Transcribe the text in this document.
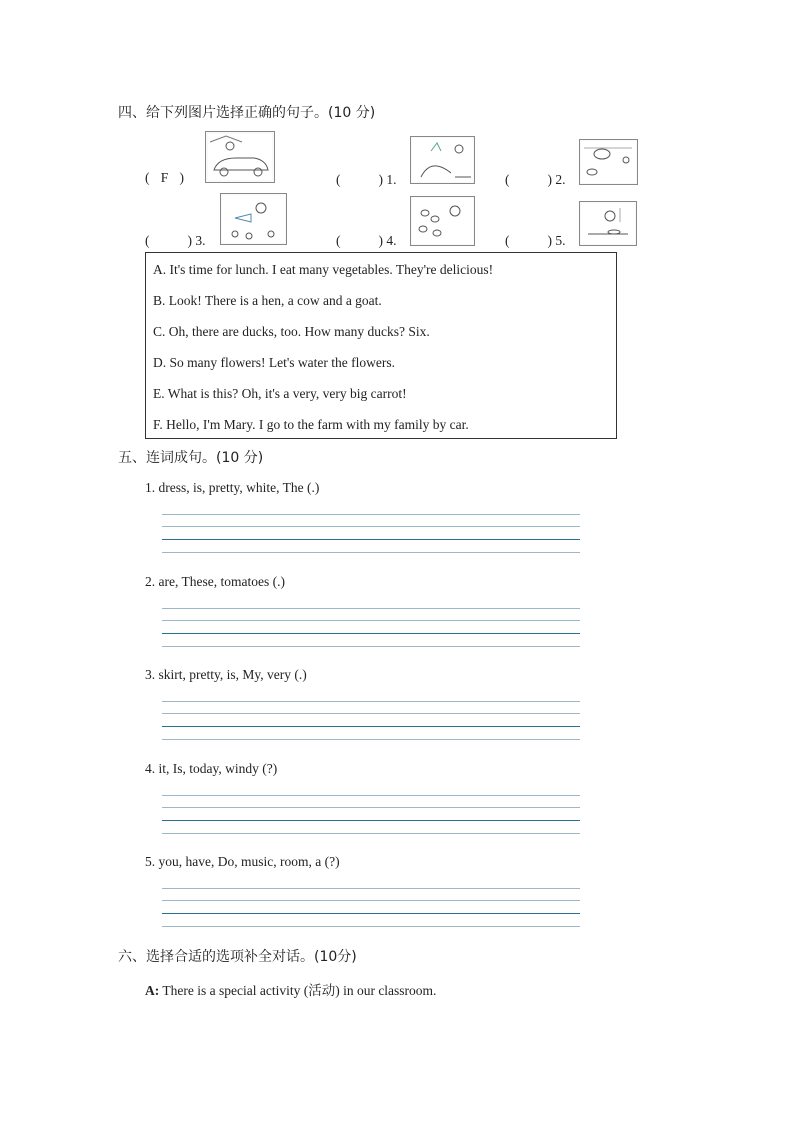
四、给下列图片选择正确的句子。(10 分)
( F )	(	) 1.	(	) 2.
(	) 3.	(	) 4.	(	) 5.
A. It's time for lunch. I eat many vegetables. They're delicious!
B. Look! There is a hen, a cow and a goat.
C. Oh, there are ducks, too. How many ducks? Six.
D. So many flowers! Let's water the flowers.
E. What is this? Oh, it's a very, very big carrot!
F. Hello, I'm Mary. I go to the farm with my family by car.
五、连词成句。(10 分)
1. dress, is, pretty, white, The (.)
2. are, These, tomatoes (.)
3. skirt, pretty, is, My, very (.)
4. it, Is, today, windy (?)
5. you, have, Do, music, room, a (?)
六、选择合适的选项补全对话。(10分)
A: There is a special activity (活动) in our classroom.
